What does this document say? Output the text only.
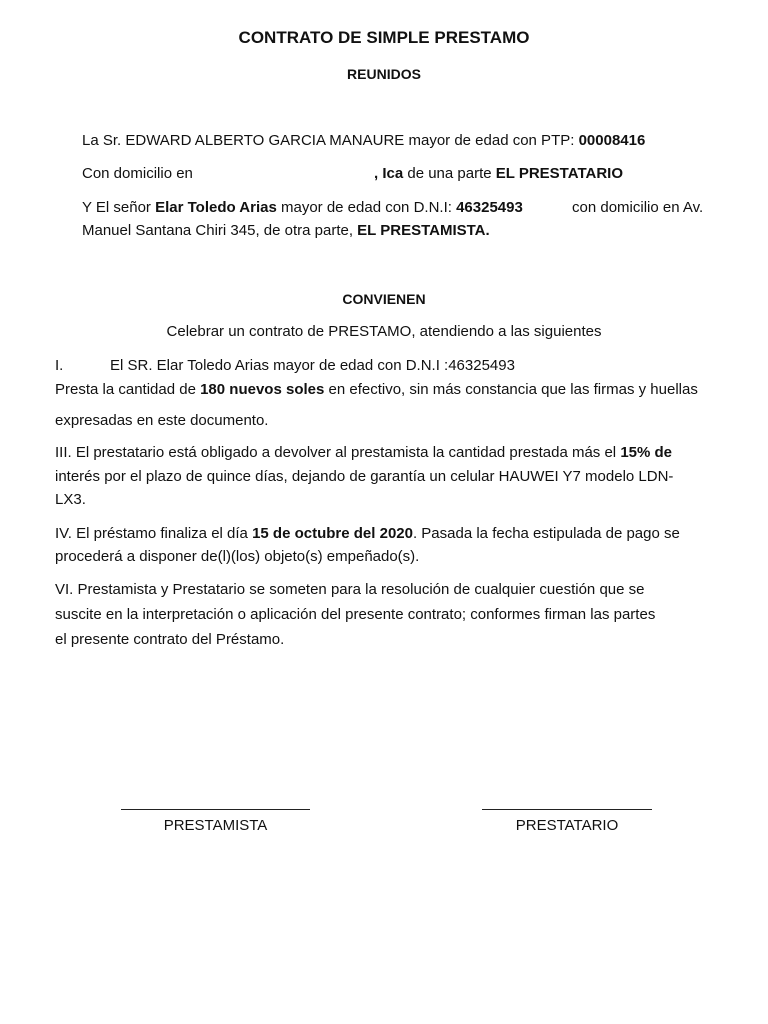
CONTRATO DE SIMPLE PRESTAMO
REUNIDOS
La Sr. EDWARD ALBERTO GARCIA MANAURE mayor de edad con PTP: 00008416
Con domicilio en	, Ica de una parte EL PRESTATARIO
Y El señor Elar Toledo Arias mayor de edad con D.N.I: 46325493	con domicilio en Av.
Manuel Santana Chiri 345, de otra parte, EL PRESTAMISTA.
CONVIENEN
Celebrar un contrato de PRESTAMO, atendiendo a las siguientes
I.	El SR. Elar Toledo Arias mayor de edad con D.N.I :46325493
Presta la cantidad de 180 nuevos soles en efectivo, sin más constancia que las firmas y huellas
expresadas en este documento.
III. El prestatario está obligado a devolver al prestamista la cantidad prestada más el 15% de
interés por el plazo de quince días, dejando de garantía un celular HAUWEI Y7 modelo LDN-
LX3.
IV. El préstamo finaliza el día 15 de octubre del 2020. Pasada la fecha estipulada de pago se
procederá a disponer de(l)(los) objeto(s) empeñado(s).
VI. Prestamista y Prestatario se someten para la resolución de cualquier cuestión que se
suscite en la interpretación o aplicación del presente contrato; conformes firman las partes
el presente contrato del Préstamo.
PRESTAMISTA	PRESTATARIO
